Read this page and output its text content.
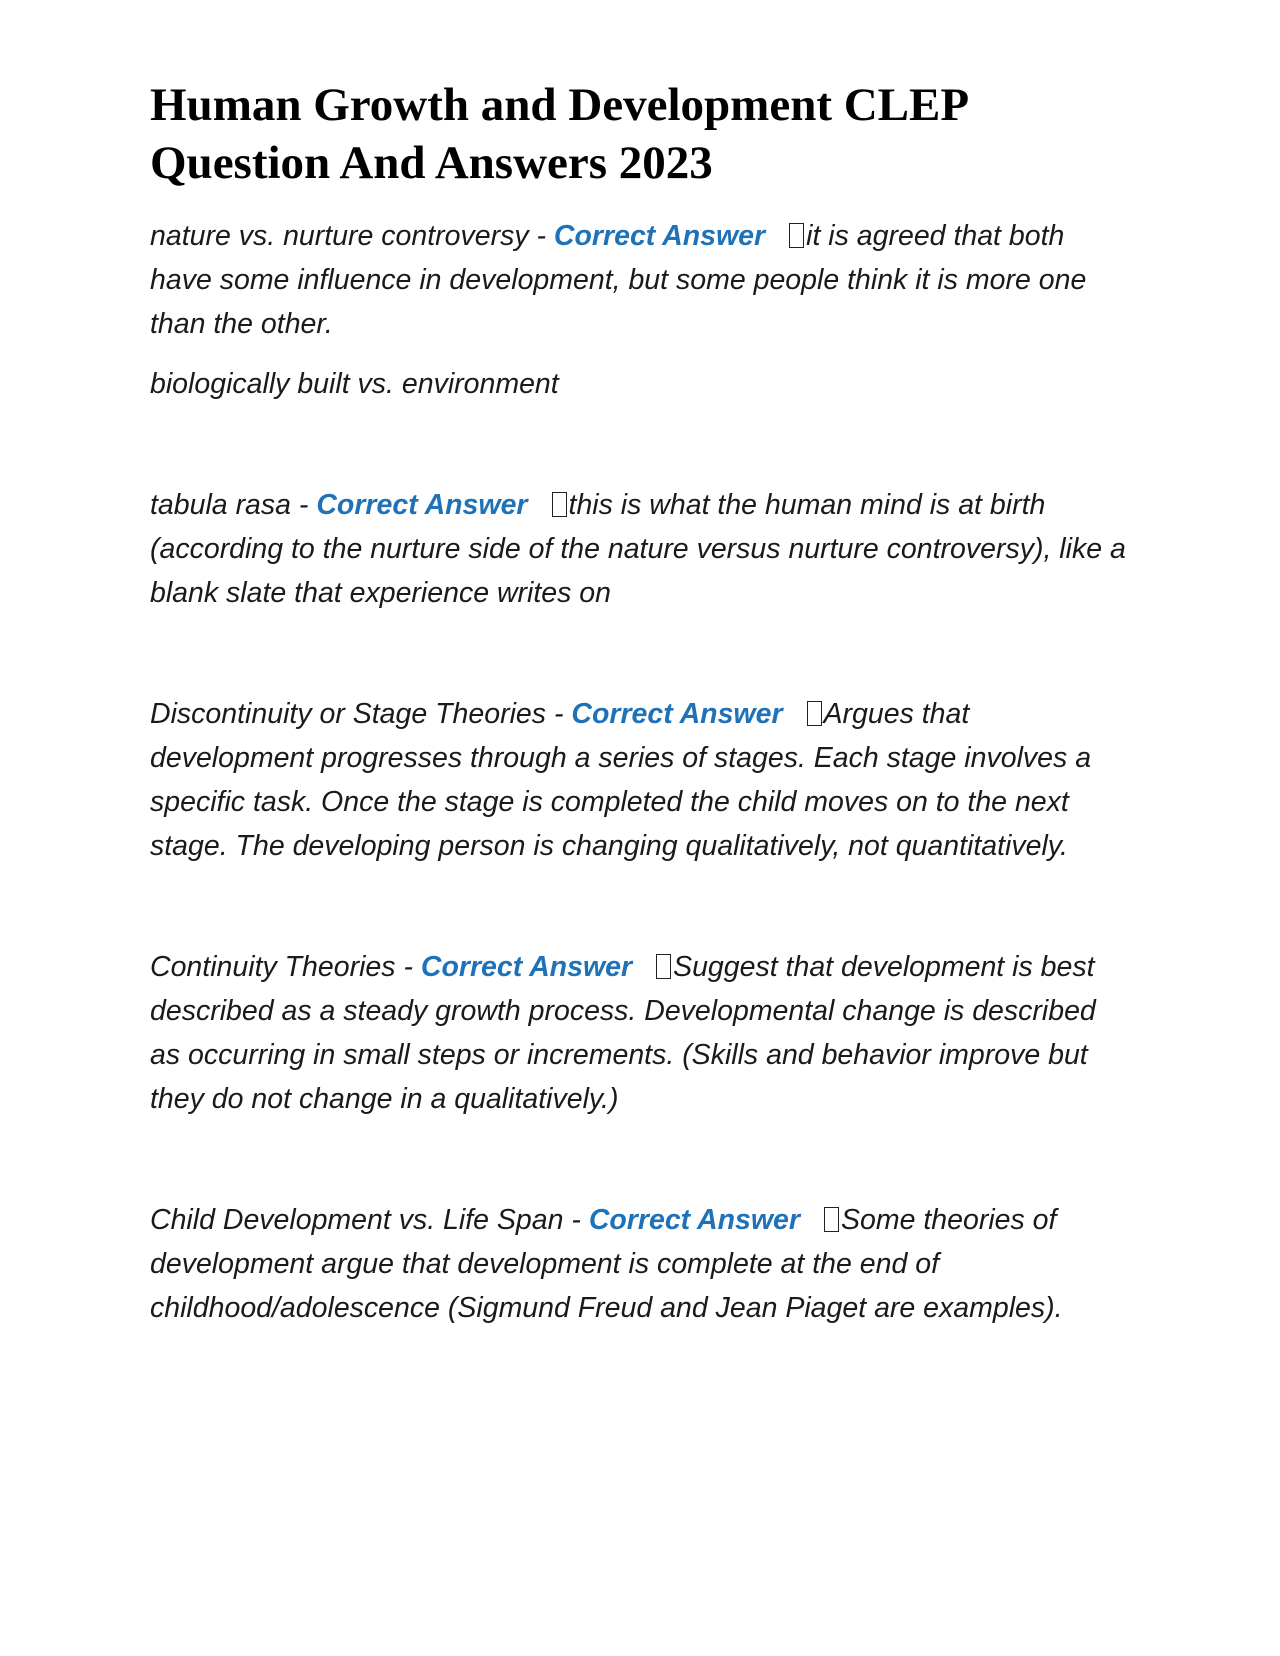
Human Growth and Development CLEP Question And Answers 2023

nature vs. nurture controversy - Correct Answer it is agreed that both have some influence in development, but some people think it is more one than the other.

biologically built vs. environment

tabula rasa - Correct Answer this is what the human mind is at birth (according to the nurture side of the nature versus nurture controversy), like a blank slate that experience writes on

Discontinuity or Stage Theories - Correct Answer Argues that development progresses through a series of stages. Each stage involves a specific task. Once the stage is completed the child moves on to the next stage. The developing person is changing qualitatively, not quantitatively.

Continuity Theories - Correct Answer Suggest that development is best described as a steady growth process. Developmental change is described as occurring in small steps or increments. (Skills and behavior improve but they do not change in a qualitatively.)

Child Development vs. Life Span - Correct Answer Some theories of development argue that development is complete at the end of childhood/adolescence (Sigmund Freud and Jean Piaget are examples).
